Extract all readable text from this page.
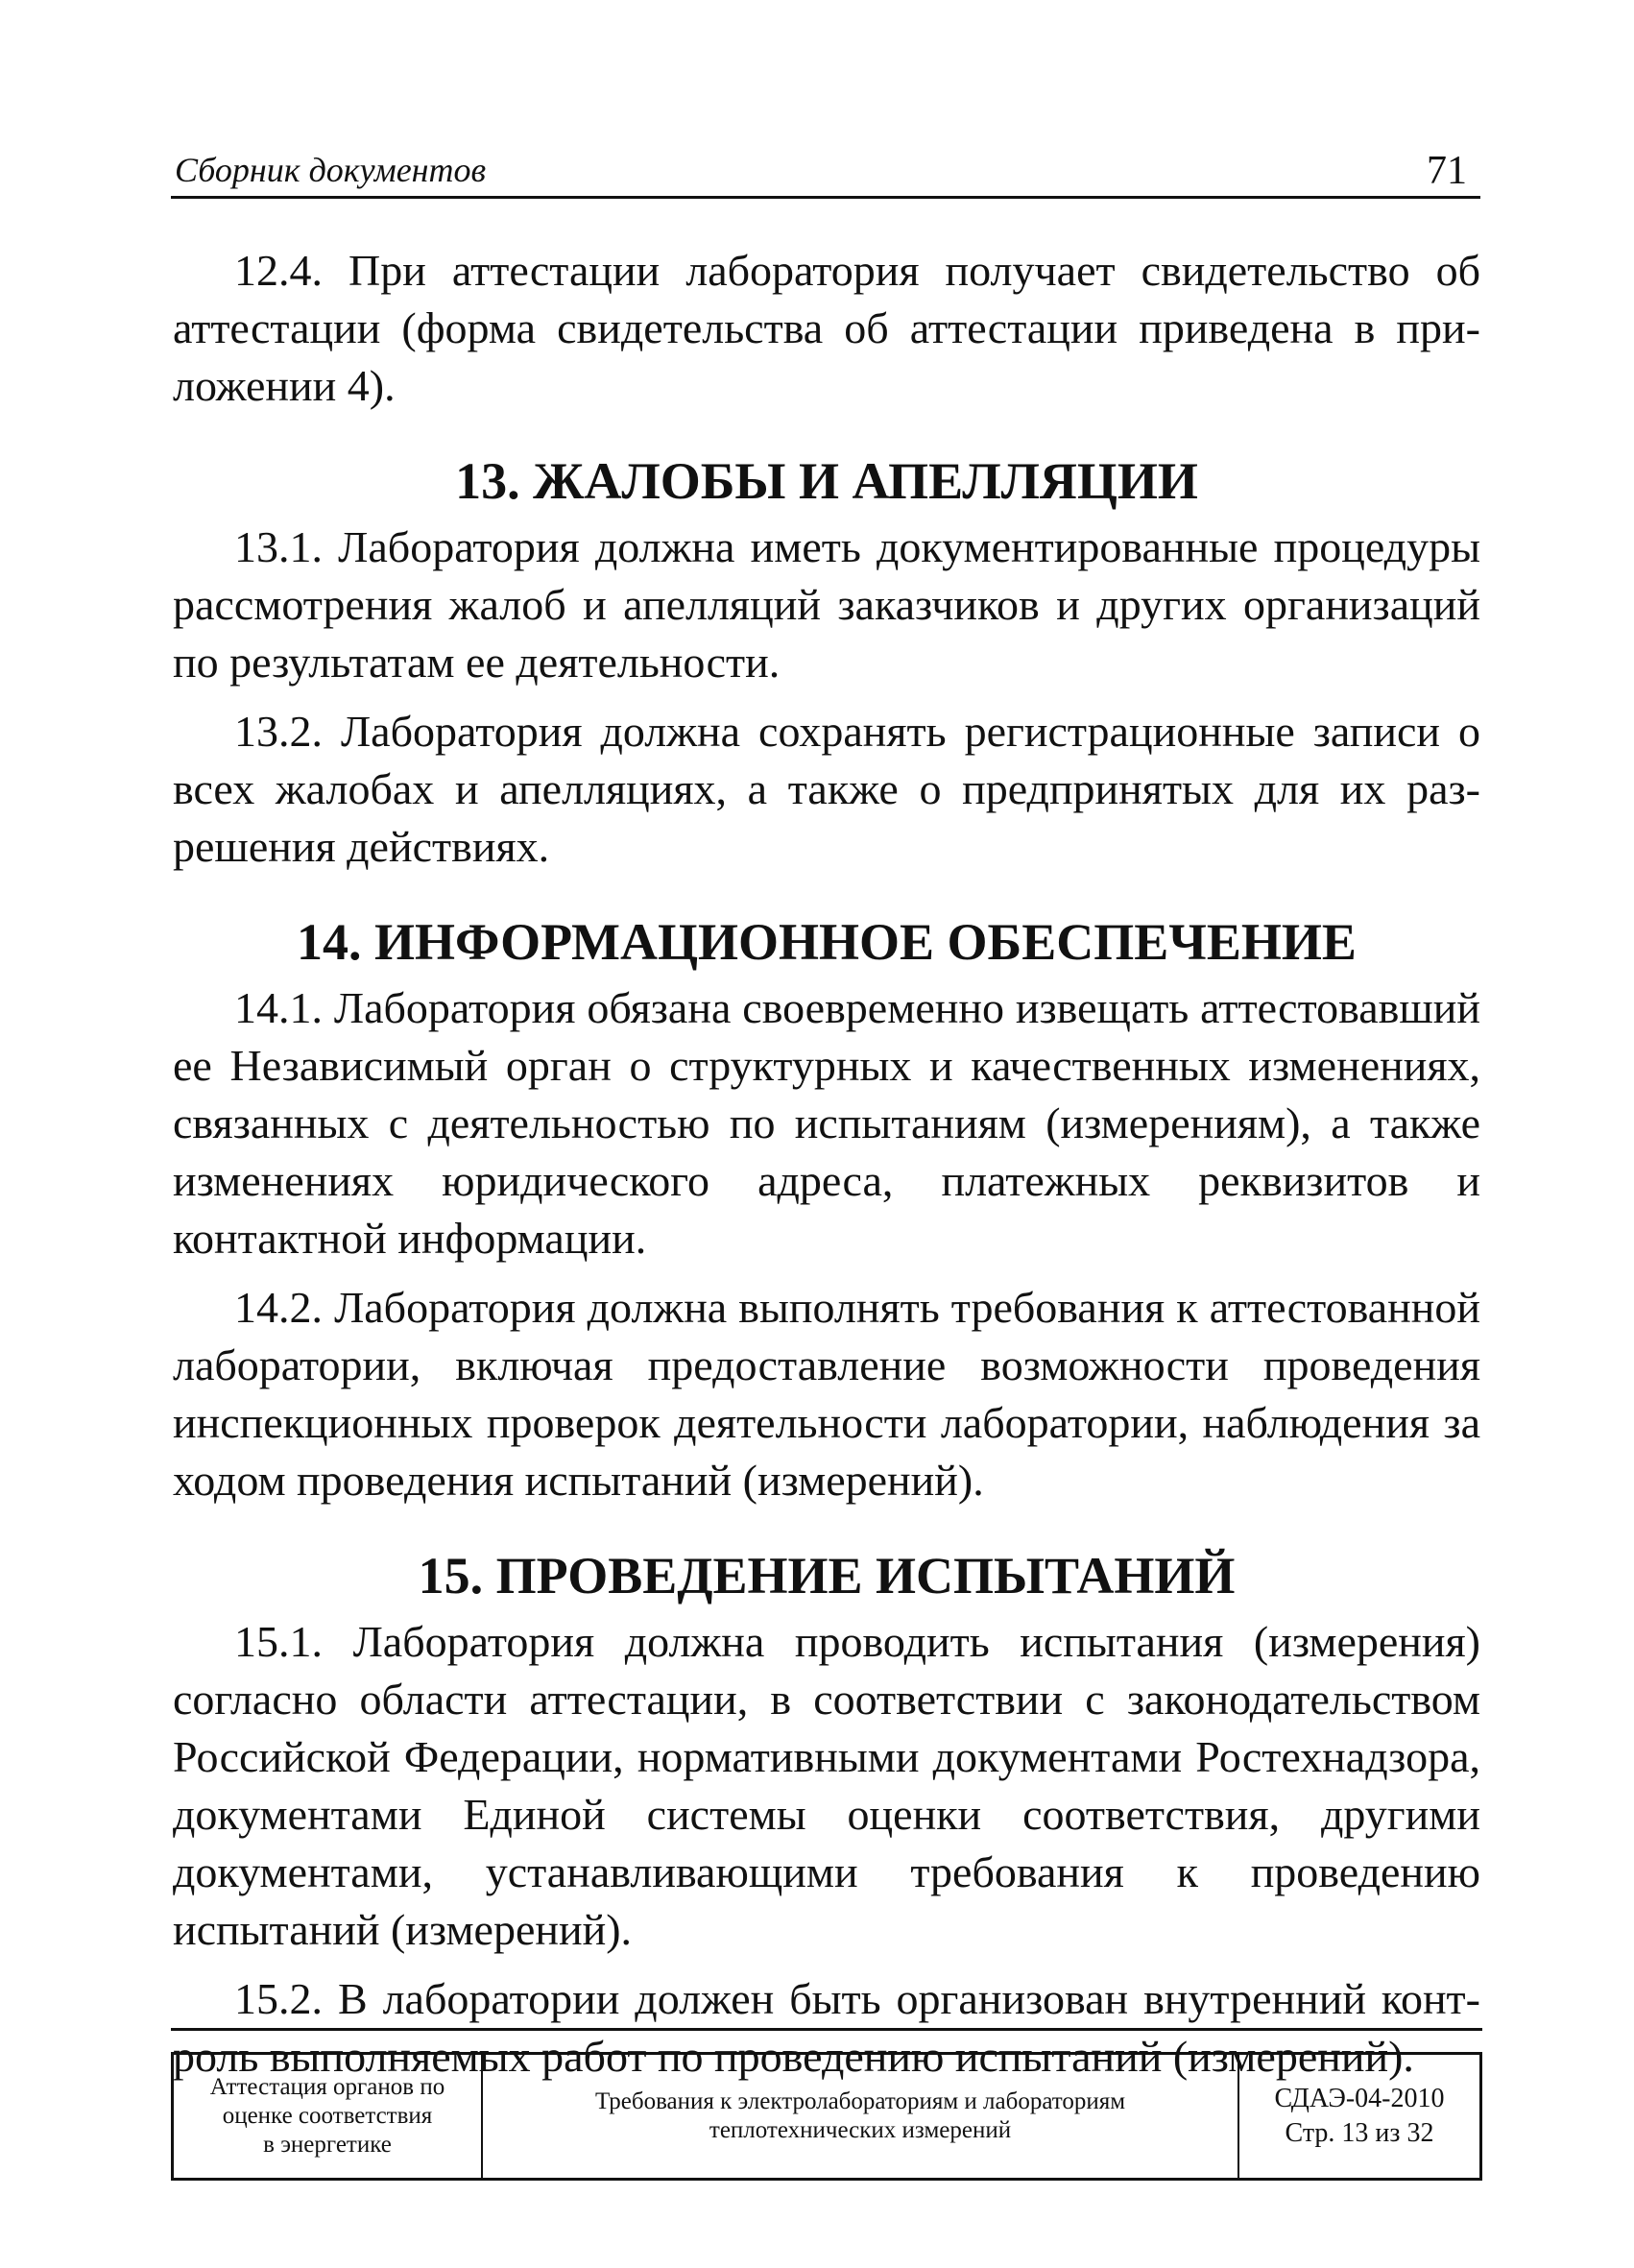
Сборник документов	71

12.4. При аттестации лаборатория получает свидетельство об аттестации (форма свидетельства об аттестации приведена в приложении 4).

13. ЖАЛОБЫ И АПЕЛЛЯЦИИ

13.1. Лаборатория должна иметь документированные процедуры рассмотрения жалоб и апелляций заказчиков и других организаций по результатам ее деятельности.

13.2. Лаборатория должна сохранять регистрационные записи о всех жалобах и апелляциях, а также о предпринятых для их разрешения действиях.

14. ИНФОРМАЦИОННОЕ ОБЕСПЕЧЕНИЕ

14.1. Лаборатория обязана своевременно извещать аттестовавший ее Независимый орган о структурных и качественных изменениях, связанных с деятельностью по испытаниям (измерениям), а также изменениях юридического адреса, платежных реквизитов и контактной информации.

14.2. Лаборатория должна выполнять требования к аттестованной лаборатории, включая предоставление возможности проведения инспекционных проверок деятельности лаборатории, наблюдения за ходом проведения испытаний (измерений).

15. ПРОВЕДЕНИЕ ИСПЫТАНИЙ

15.1. Лаборатория должна проводить испытания (измерения) согласно области аттестации, в соответствии с законодательством Российской Федерации, нормативными документами Ростехнадзора, документами Единой системы оценки соответствия, другими документами, устанавливающими требования к проведению испытаний (измерений).

15.2. В лаборатории должен быть организован внутренний контроль выполняемых работ по проведению испытаний (измерений).

Аттестация органов по
оценке соответствия
в энергетике

Требования к электролабораториям и лабораториям
теплотехнических измерений

СДАЭ-04-2010
Стр. 13 из 32
